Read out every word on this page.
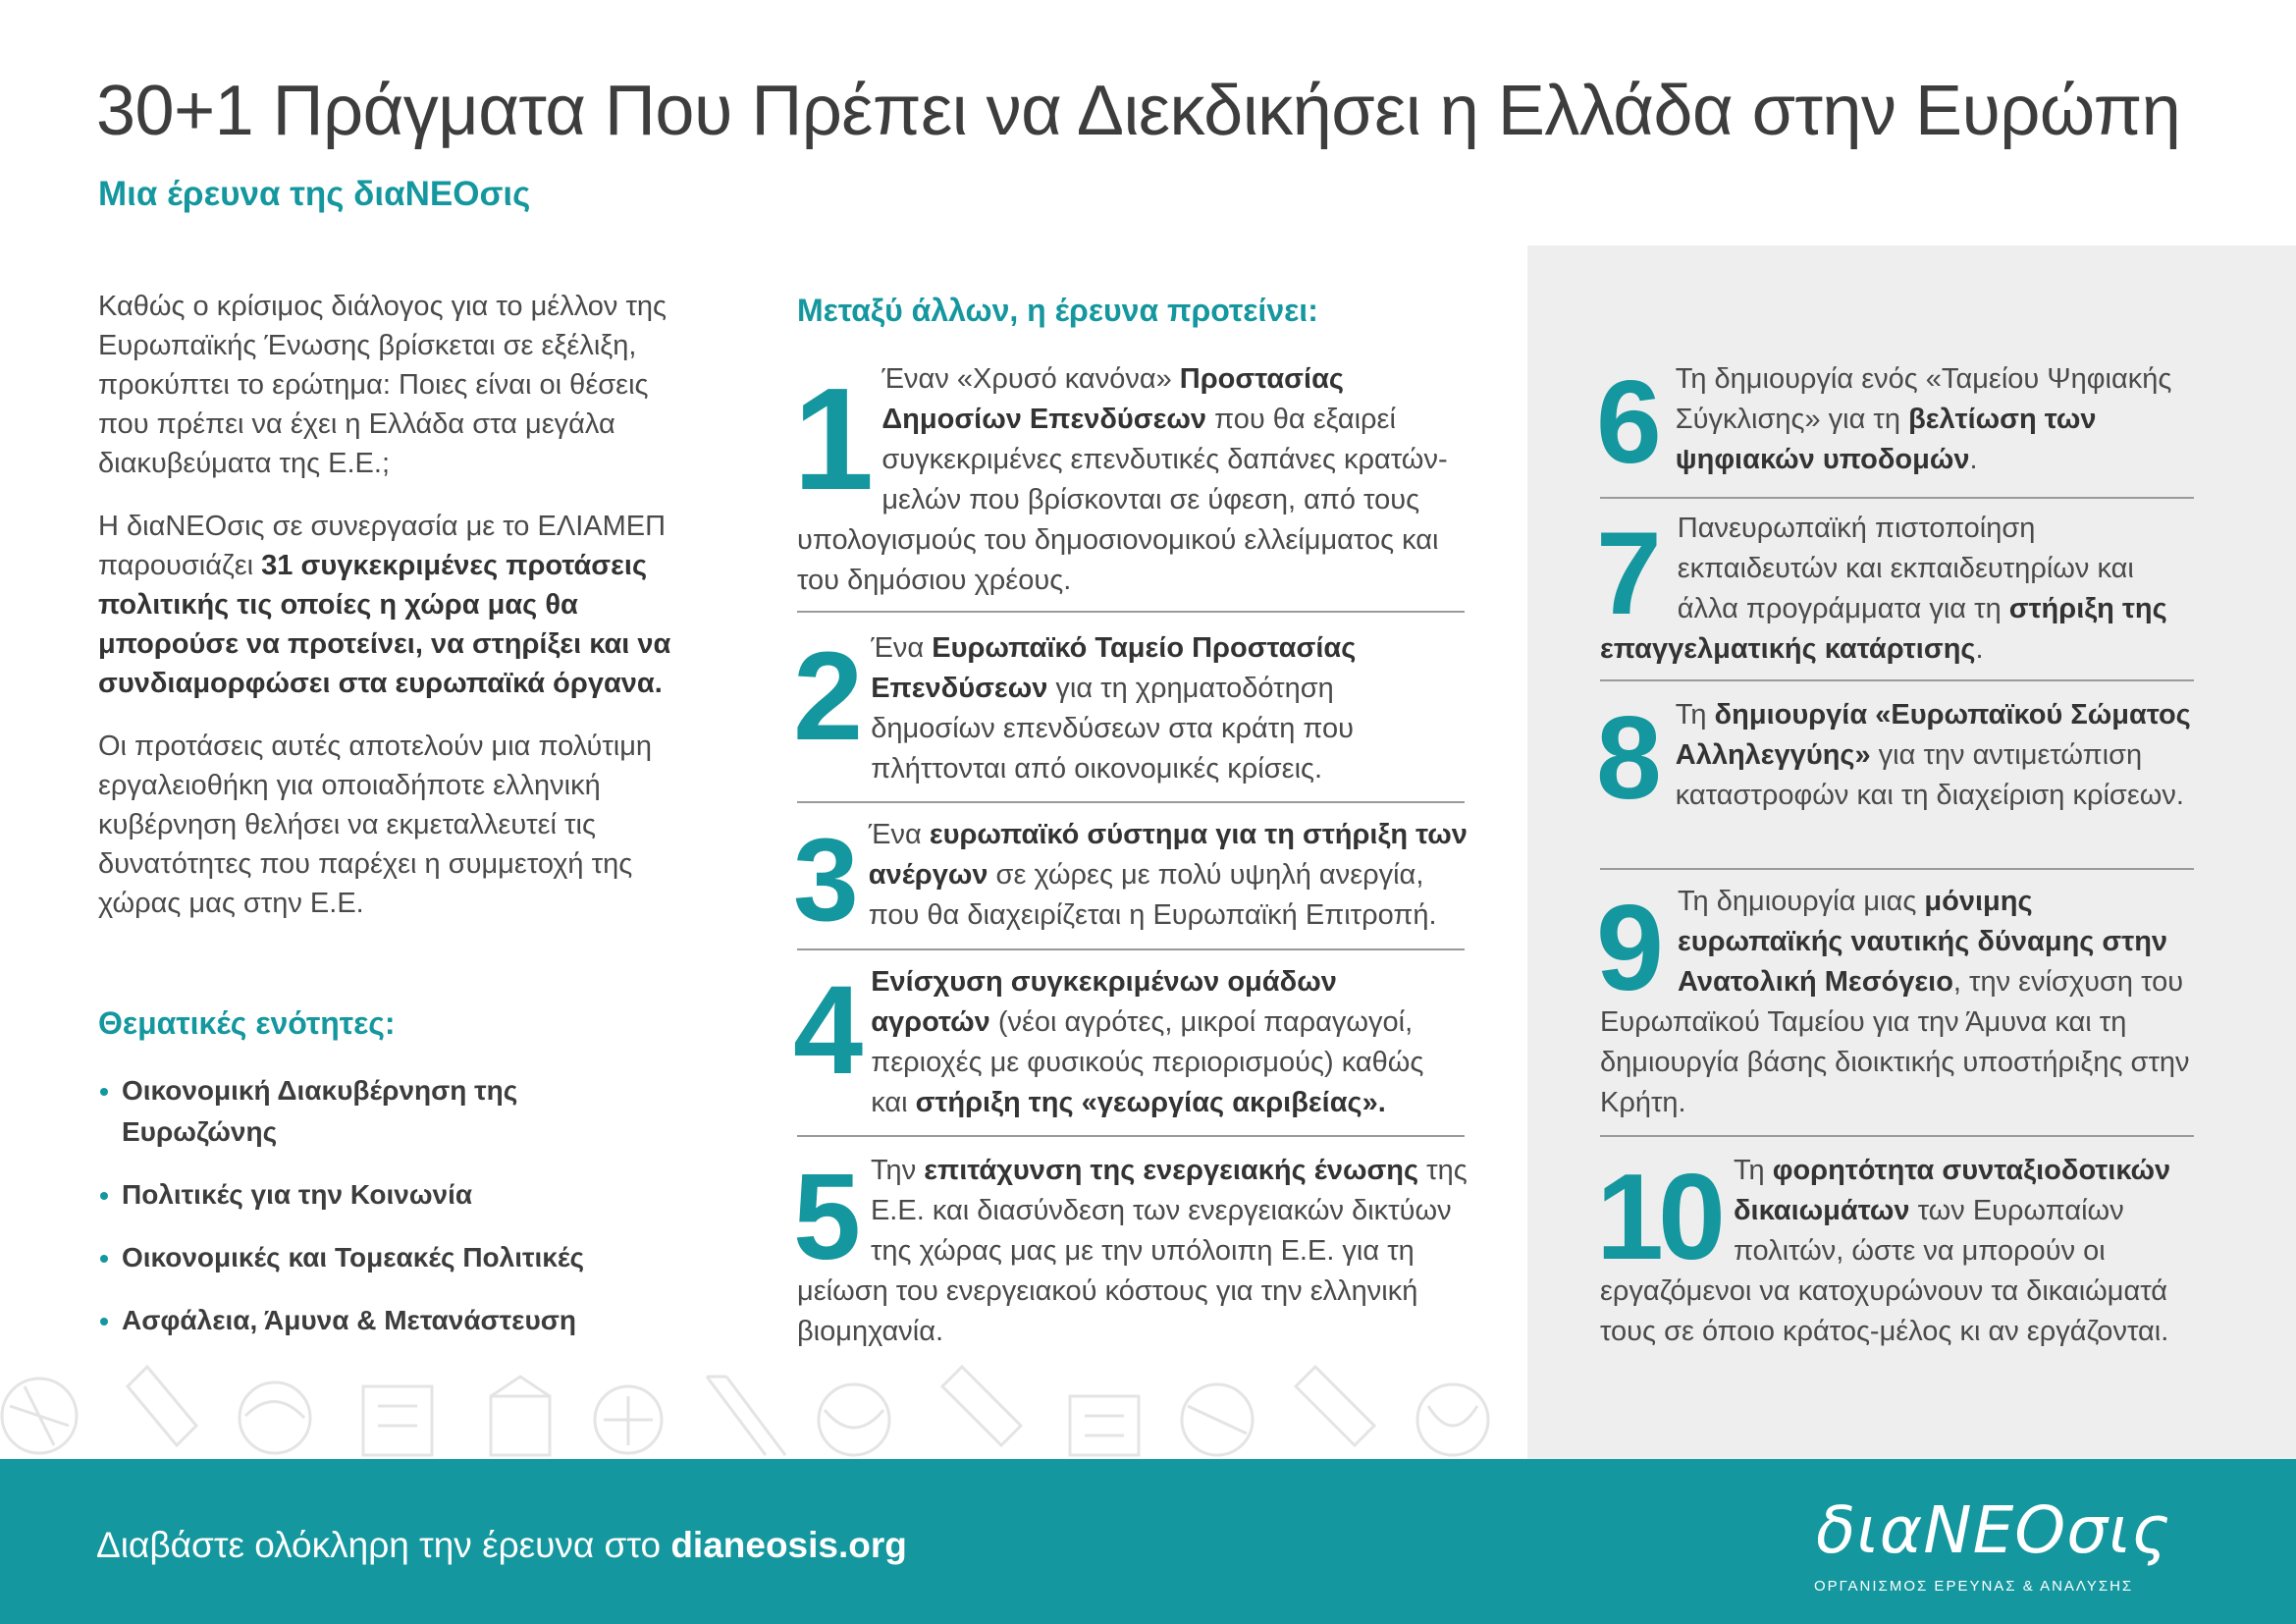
30+1 Πράγματα Που Πρέπει να Διεκδικήσει η Ελλάδα στην Ευρώπη
Μια έρευνα της διαΝΕΟσις

Καθώς ο κρίσιμος διάλογος για το μέλλον της Ευρωπαϊκής Ένωσης βρίσκεται σε εξέλιξη, προκύπτει το ερώτημα: Ποιες είναι οι θέσεις που πρέπει να έχει η Ελλάδα στα μεγάλα διακυβεύματα της Ε.Ε.;

Η διαΝΕΟσις σε συνεργασία με το ΕΛΙΑΜΕΠ παρουσιάζει 31 συγκεκριμένες προτάσεις πολιτικής τις οποίες η χώρα μας θα μπορούσε να προτείνει, να στηρίξει και να συνδιαμορφώσει στα ευρωπαϊκά όργανα.

Οι προτάσεις αυτές αποτελούν μια πολύτιμη εργαλειοθήκη για οποιαδήποτε ελληνική κυβέρνηση θελήσει να εκμεταλλευτεί τις δυνατότητες που παρέχει η συμμετοχή της χώρας μας στην Ε.Ε.

Θεματικές ενότητες:
Οικονομική Διακυβέρνηση της Ευρωζώνης
Πολιτικές για την Κοινωνία
Οικονομικές και Τομεακές Πολιτικές
Ασφάλεια, Άμυνα & Μετανάστευση
Μεταξύ άλλων, η έρευνα προτείνει:
1 Έναν «Χρυσό κανόνα» Προστασίας Δημοσίων Επενδύσεων που θα εξαιρεί συγκεκριμένες επενδυτικές δαπάνες κρατών-μελών που βρίσκονται σε ύφεση, από τους υπολογισμούς του δημοσιονομικού ελλείμματος και του δημόσιου χρέους.

2 Ένα Ευρωπαϊκό Ταμείο Προστασίας Επενδύσεων για τη χρηματοδότηση δημοσίων επενδύσεων στα κράτη που πλήττονται από οικονομικές κρίσεις.

3 Ένα ευρωπαϊκό σύστημα για τη στήριξη των ανέργων σε χώρες με πολύ υψηλή ανεργία, που θα διαχειρίζεται η Ευρωπαϊκή Επιτροπή.

4 Ενίσχυση συγκεκριμένων ομάδων αγροτών (νέοι αγρότες, μικροί παραγωγοί, περιοχές με φυσικούς περιορισμούς) καθώς και στήριξη της «γεωργίας ακριβείας».

5 Την επιτάχυνση της ενεργειακής ένωσης της Ε.Ε. και διασύνδεση των ενεργειακών δικτύων της χώρας μας με την υπόλοιπη Ε.Ε. για τη μείωση του ενεργειακού κόστους για την ελληνική βιομηχανία.

6 Τη δημιουργία ενός «Ταμείου Ψηφιακής Σύγκλισης» για τη βελτίωση των ψηφιακών υποδομών.

7 Πανευρωπαϊκή πιστοποίηση εκπαιδευτών και εκπαιδευτηρίων και άλλα προγράμματα για τη στήριξη της επαγγελματικής κατάρτισης.

8 Τη δημιουργία «Ευρωπαϊκού Σώματος Αλληλεγγύης» για την αντιμετώπιση καταστροφών και τη διαχείριση κρίσεων.

9 Τη δημιουργία μιας μόνιμης ευρωπαϊκής ναυτικής δύναμης στην Ανατολική Μεσόγειο, την ενίσχυση του Ευρωπαϊκού Ταμείου για την Άμυνα και τη δημιουργία βάσης διοικτικής υποστήριξης στην Κρήτη.

10 Τη φορητότητα συνταξιοδοτικών δικαιωμάτων των Ευρωπαίων πολιτών, ώστε να μπορούν οι εργαζόμενοι να κατοχυρώνουν τα δικαιώματά τους σε όποιο κράτος-μέλος κι αν εργάζονται.

Διαβάστε ολόκληρη την έρευνα στο dianeosis.org	διαΝΕΟσις
ΟΡΓΑΝΙΣΜΟΣ ΕΡΕΥΝΑΣ & ΑΝΑΛΥΣΗΣ
